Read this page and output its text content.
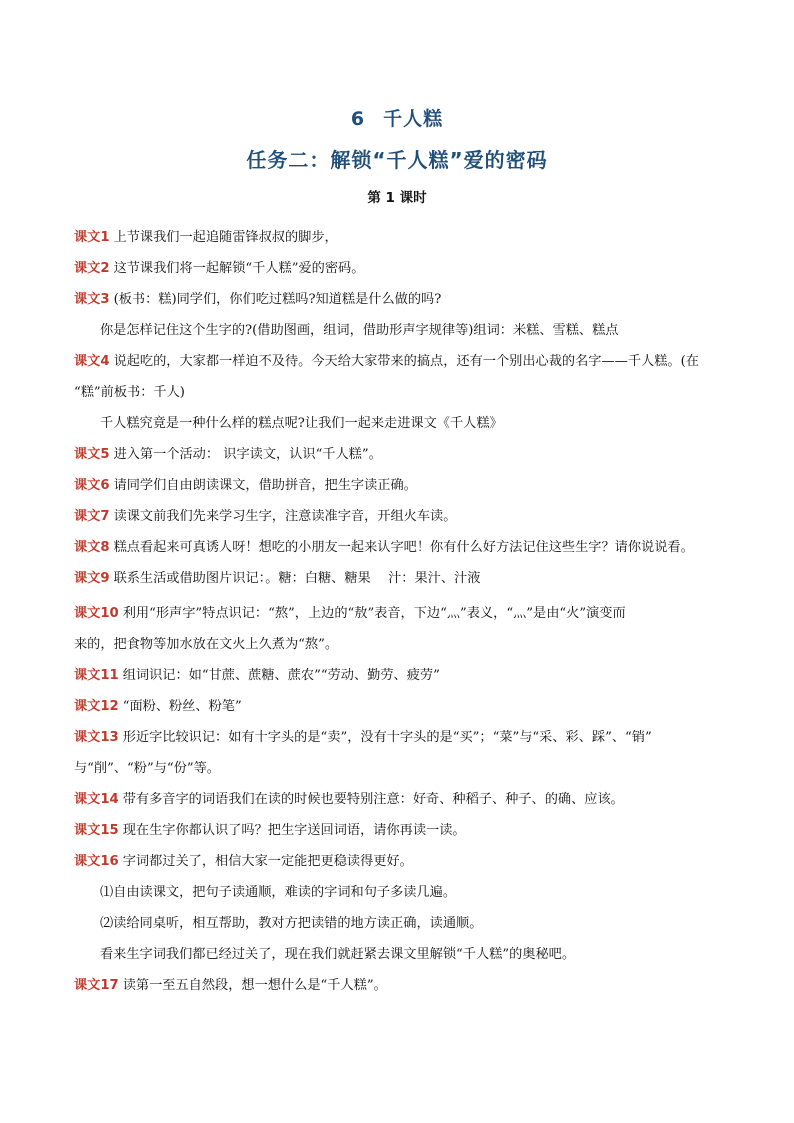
6 千人糕
任务二：解锁“千人糕”爱的密码
第 1 课时
课文1 上节课我们一起追随雷锋叔叔的脚步，
课文2 这节课我们将一起解锁“千人糕”爱的密码。
课文3 (板书：糕)同学们，你们吃过糕吗?知道糕是什么做的吗?
你是怎样记住这个生字的?(借助图画，组词，借助形声字规律等)组词：米糕、雪糕、糕点
课文4 说起吃的，大家都一样迫不及待。今天给大家带来的搞点，还有一个别出心裁的名字——千人糕。(在
“糕”前板书：千人)
千人糕究竟是一种什么样的糕点呢?让我们一起来走进课文《千人糕》
课文5 进入第一个活动： 识字读文，认识“千人糕”。
课文6 请同学们自由朗读课文，借助拼音，把生字读正确。
课文7 读课文前我们先来学习生字，注意读准字音，开组火车读。
课文8 糕点看起来可真诱人呀！想吃的小朋友一起来认字吧！你有什么好方法记住这些生字？请你说说看。
课文9 联系生活或借助图片识记：。糖：白糖、糖果　 汁：果汁、汁液
课文10 利用“形声字”特点识记：“熬”，上边的“敖”表音，下边“灬”表义，“灬”是由“火”演变而
来的，把食物等加水放在文火上久煮为“熬”。
课文11 组词识记：如“甘蔗、蔗糖、蔗农”“劳动、勤劳、疲劳”
课文12 “面粉、粉丝、粉笔”
课文13 形近字比较识记：如有十字头的是“卖”，没有十字头的是“买”；“菜”与“采、彩、踩”、“销”
与“削”、“粉”与“份”等。
课文14 带有多音字的词语我们在读的时候也要特别注意：好奇、种稻子、种子、的确、应该。
课文15 现在生字你都认识了吗？把生字送回词语，请你再读一读。
课文16 字词都过关了，相信大家一定能把更稳读得更好。
⑴自由读课文，把句子读通顺，难读的字词和句子多读几遍。
⑵读给同桌听，相互帮助，教对方把读错的地方读正确，读通顺。
看来生字词我们都已经过关了，现在我们就赶紧去课文里解锁“千人糕”的奥秘吧。
课文17 读第一至五自然段，想一想什么是“千人糕”。
